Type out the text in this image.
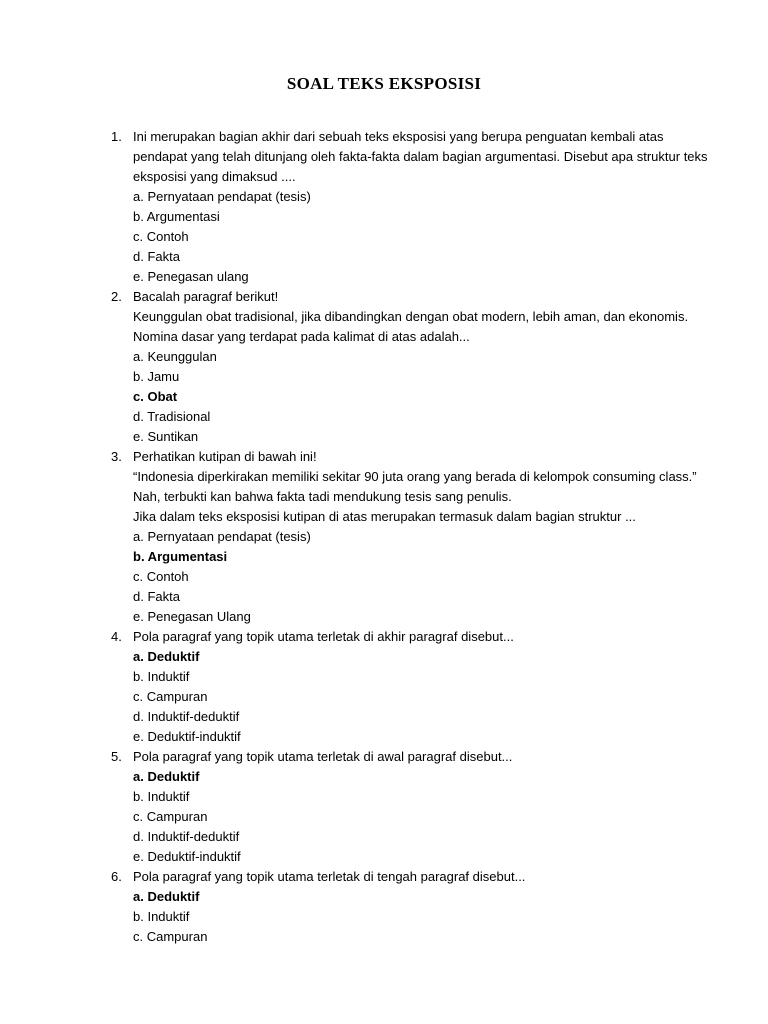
SOAL TEKS EKSPOSISI
1. Ini merupakan bagian akhir dari sebuah teks eksposisi yang berupa penguatan kembali atas
pendapat yang telah ditunjang oleh fakta-fakta dalam bagian argumentasi. Disebut apa struktur teks
eksposisi yang dimaksud ....
a. Pernyataan pendapat (tesis)
b. Argumentasi
c. Contoh
d. Fakta
e. Penegasan ulang
2. Bacalah paragraf berikut!
Keunggulan obat tradisional, jika dibandingkan dengan obat modern, lebih aman, dan ekonomis.
Nomina dasar yang terdapat pada kalimat di atas adalah...
a. Keunggulan
b. Jamu
c. Obat
d. Tradisional
e. Suntikan
3. Perhatikan kutipan di bawah ini!
“Indonesia diperkirakan memiliki sekitar 90 juta orang yang berada di kelompok consuming class.”
Nah, terbukti kan bahwa fakta tadi mendukung tesis sang penulis.
Jika dalam teks eksposisi kutipan di atas merupakan termasuk dalam bagian struktur ...
a. Pernyataan pendapat (tesis)
b. Argumentasi
c. Contoh
d. Fakta
e. Penegasan Ulang
4. Pola paragraf yang topik utama terletak di akhir paragraf disebut...
a. Deduktif
b. Induktif
c. Campuran
d. Induktif-deduktif
e. Deduktif-induktif
5. Pola paragraf yang topik utama terletak di awal paragraf disebut...
a. Deduktif
b. Induktif
c. Campuran
d. Induktif-deduktif
e. Deduktif-induktif
6. Pola paragraf yang topik utama terletak di tengah paragraf disebut...
a. Deduktif
b. Induktif
c. Campuran
